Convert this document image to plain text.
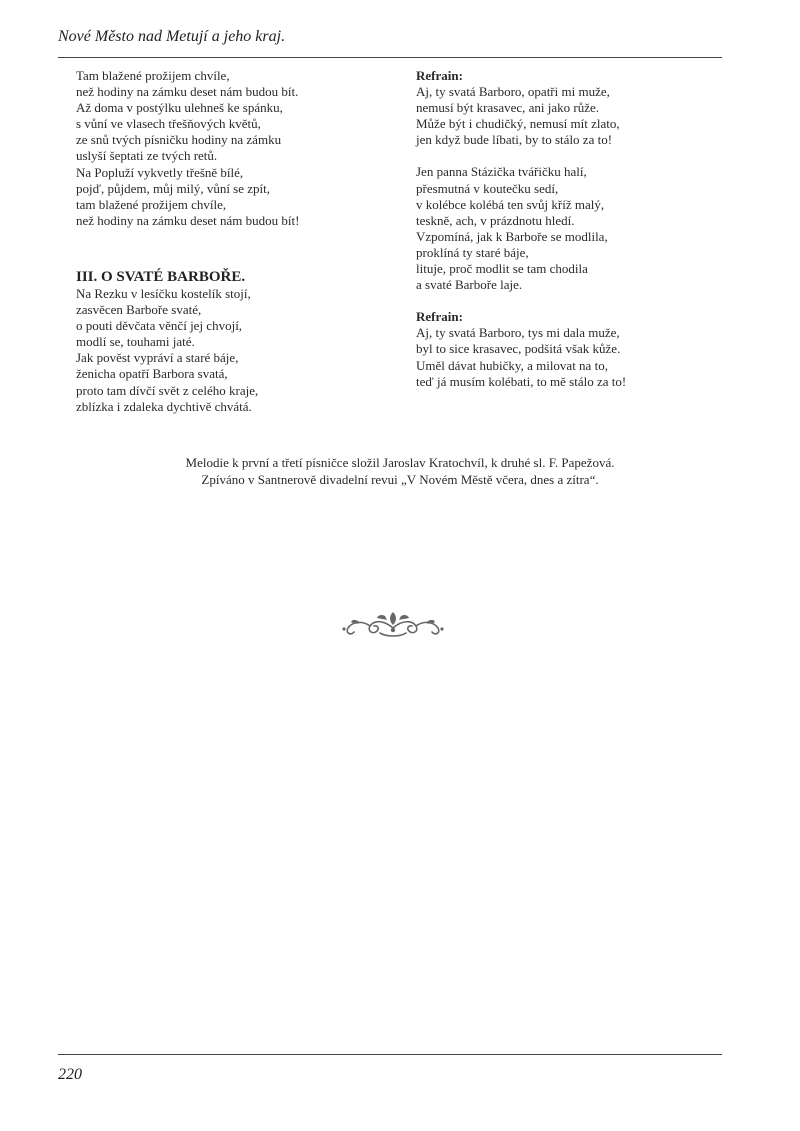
Nové Město nad Metují a jeho kraj.
Tam blažené prožijem chvíle,
než hodiny na zámku deset nám budou bít.
Až doma v postýlku ulehneš ke spánku,
s vůní ve vlasech třešňových květů,
ze snů tvých písničku hodiny na zámku
uslyší šeptati ze tvých retů.
Na Popluží vykvetly třešně bílé,
pojď, půjdem, můj milý, vůní se zpít,
tam blažené prožijem chvíle,
než hodiny na zámku deset nám budou bít!
III. O SVATÉ BARBOŘE.
Na Rezku v lesíčku kostelík stojí,
zasvěcen Barboře svaté,
o pouti děvčata věnčí jej chvojí,
modlí se, touhami jaté.
Jak pověst vypráví a staré báje,
ženicha opatří Barbora svatá,
proto tam dívčí svět z celého kraje,
zblízka i zdaleka dychtivě chvátá.
Refrain:
Aj, ty svatá Barboro, opatři mi muže,
nemusí být krasavec, ani jako růže.
Může být i chudičký, nemusí mít zlato,
jen když bude líbati, by to stálo za to!
Jen panna Stázička tvářičku halí,
přesmutná v koutečku sedí,
v kolébce kolébá ten svůj kříž malý,
teskně, ach, v prázdnotu hledí.
Vzpomíná, jak k Barboře se modlila,
proklíná ty staré báje,
lituje, proč modlit se tam chodila
a svaté Barboře laje.
Refrain:
Aj, ty svatá Barboro, tys mi dala muže,
byl to sice krasavec, podšitá však kůže.
Uměl dávat hubičky, a milovat na to,
teď já musím kolébati, to mě stálo za to!
Melodie k první a třetí písničce složil Jaroslav Kratochvíl, k druhé sl. F. Papežová.
Zpíváno v Santnerově divadelní revui „V Novém Městě včera, dnes a zítra“.
220
